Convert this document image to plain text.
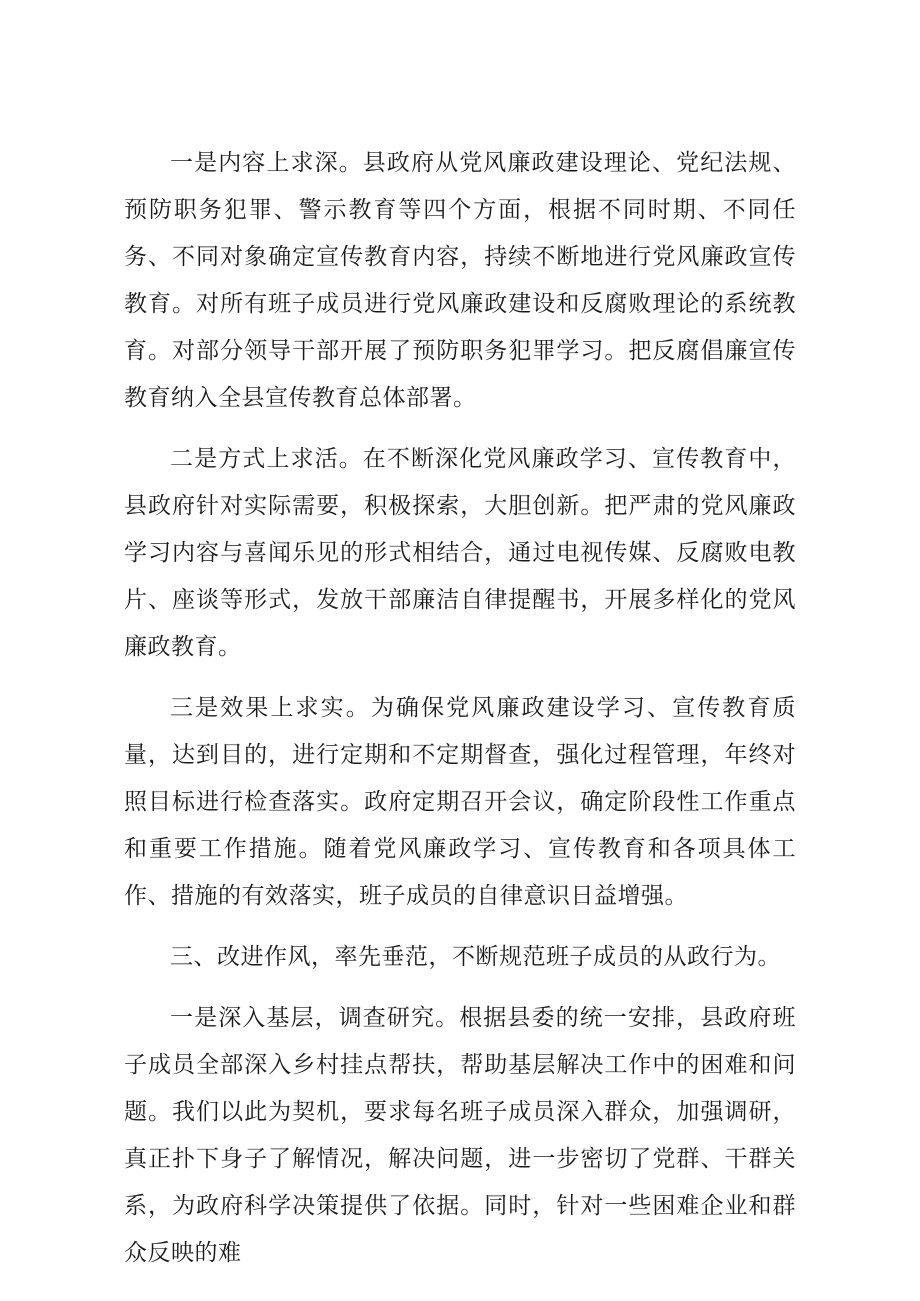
一是内容上求深。县政府从党风廉政建设理论、党纪法规、预防职务犯罪、警示教育等四个方面，根据不同时期、不同任务、不同对象确定宣传教育内容，持续不断地进行党风廉政宣传教育。对所有班子成员进行党风廉政建设和反腐败理论的系统教育。对部分领导干部开展了预防职务犯罪学习。把反腐倡廉宣传教育纳入全县宣传教育总体部署。

二是方式上求活。在不断深化党风廉政学习、宣传教育中，县政府针对实际需要，积极探索，大胆创新。把严肃的党风廉政学习内容与喜闻乐见的形式相结合，通过电视传媒、反腐败电教片、座谈等形式，发放干部廉洁自律提醒书，开展多样化的党风廉政教育。

三是效果上求实。为确保党风廉政建设学习、宣传教育质量，达到目的，进行定期和不定期督查，强化过程管理，年终对照目标进行检查落实。政府定期召开会议，确定阶段性工作重点和重要工作措施。随着党风廉政学习、宣传教育和各项具体工作、措施的有效落实，班子成员的自律意识日益增强。

三、改进作风，率先垂范，不断规范班子成员的从政行为。

一是深入基层，调查研究。根据县委的统一安排，县政府班子成员全部深入乡村挂点帮扶，帮助基层解决工作中的困难和问题。我们以此为契机，要求每名班子成员深入群众，加强调研，真正扑下身子了解情况，解决问题，进一步密切了党群、干群关系，为政府科学决策提供了依据。同时，针对一些困难企业和群众反映的难
